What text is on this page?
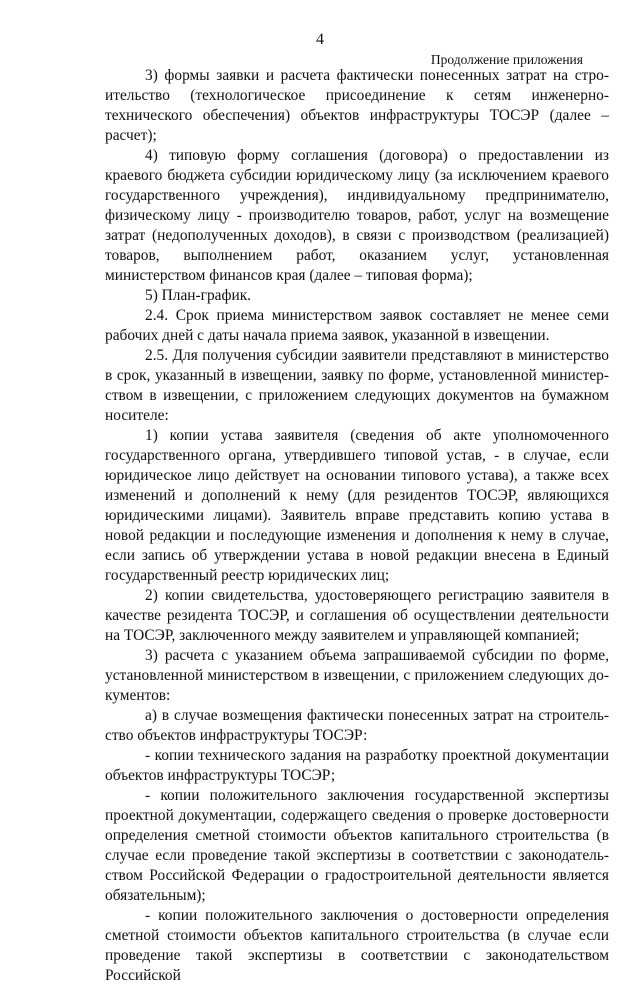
4
Продолжение приложения

3) формы заявки и расчета фактически понесенных затрат на строительство (технологическое присоединение к сетям инженерно-технического обеспечения) объектов инфраструктуры ТОСЭР (далее – расчет);

4) типовую форму соглашения (договора) о предоставлении из краевого бюджета субсидии юридическому лицу (за исключением краевого государственного учреждения), индивидуальному предпринимателю, физическому лицу - производителю товаров, работ, услуг на возмещение затрат (недополученных доходов), в связи с производством (реализацией) товаров, выполнением работ, оказанием услуг, установленная министерством финансов края (далее – типовая форма);

5) План-график.

2.4. Срок приема министерством заявок составляет не менее семи рабочих дней с даты начала приема заявок, указанной в извещении.

2.5. Для получения субсидии заявители представляют в министерство в срок, указанный в извещении, заявку по форме, установленной министерством в извещении, с приложением следующих документов на бумажном носителе:

1) копии устава заявителя (сведения об акте уполномоченного государственного органа, утвердившего типовой устав, - в случае, если юридическое лицо действует на основании типового устава), а также всех изменений и дополнений к нему (для резидентов ТОСЭР, являющихся юридическими лицами). Заявитель вправе представить копию устава в новой редакции и последующие изменения и дополнения к нему в случае, если запись об утверждении устава в новой редакции внесена в Единый государственный реестр юридических лиц;

2) копии свидетельства, удостоверяющего регистрацию заявителя в качестве резидента ТОСЭР, и соглашения об осуществлении деятельности на ТОСЭР, заключенного между заявителем и управляющей компанией;

3) расчета с указанием объема запрашиваемой субсидии по форме, установленной министерством в извещении, с приложением следующих документов:

а) в случае возмещения фактически понесенных затрат на строительство объектов инфраструктуры ТОСЭР:

- копии технического задания на разработку проектной документации объектов инфраструктуры ТОСЭР;

- копии положительного заключения государственной экспертизы проектной документации, содержащего сведения о проверке достоверности определения сметной стоимости объектов капитального строительства (в случае если проведение такой экспертизы в соответствии с законодательством Российской Федерации о градостроительной деятельности является обязательным);

- копии положительного заключения о достоверности определения сметной стоимости объектов капитального строительства (в случае если проведение такой экспертизы в соответствии с законодательством Российской
